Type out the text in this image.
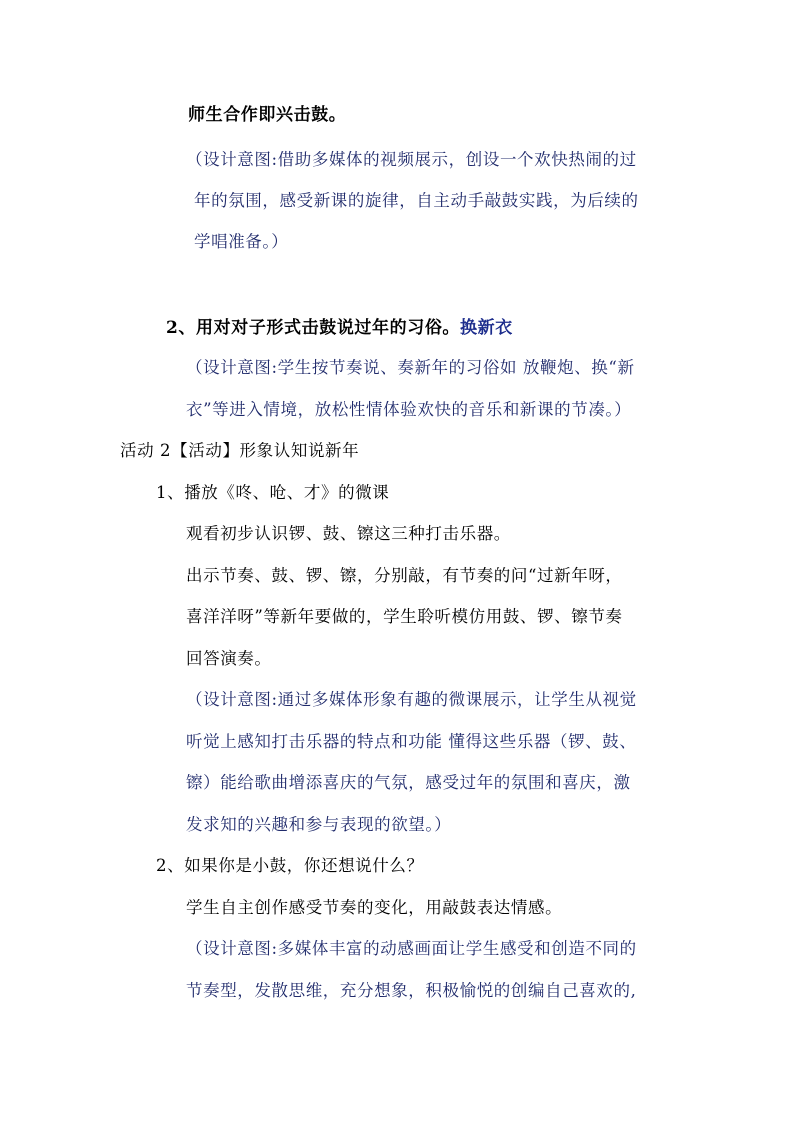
师生合作即兴击鼓。
（设计意图:借助多媒体的视频展示，创设一个欢快热闹的过
年的氛围，感受新课的旋律，自主动手敲鼓实践，为后续的
学唱准备。）
2、用对对子形式击鼓说过年的习俗。换新衣
（设计意图:学生按节奏说、奏新年的习俗如 放鞭炮、换“新
衣”等进入情境，放松性情体验欢快的音乐和新课的节凑。）
活动 2【活动】形象认知说新年
1、播放《咚、呛、才》的微课
观看初步认识锣、鼓、镲这三种打击乐器。
出示节奏、鼓、锣、镲，分别敲，有节奏的问“过新年呀，
喜洋洋呀”等新年要做的，学生聆听模仿用鼓、锣、镲节奏
回答演奏。
（设计意图:通过多媒体形象有趣的微课展示，让学生从视觉
听觉上感知打击乐器的特点和功能 懂得这些乐器（锣、鼓、
镲）能给歌曲增添喜庆的气氛，感受过年的氛围和喜庆，激
发求知的兴趣和参与表现的欲望。）
2、如果你是小鼓，你还想说什么？
学生自主创作感受节奏的变化，用敲鼓表达情感。
（设计意图:多媒体丰富的动感画面让学生感受和创造不同的
节奏型，发散思维，充分想象，积极愉悦的创编自己喜欢的,
